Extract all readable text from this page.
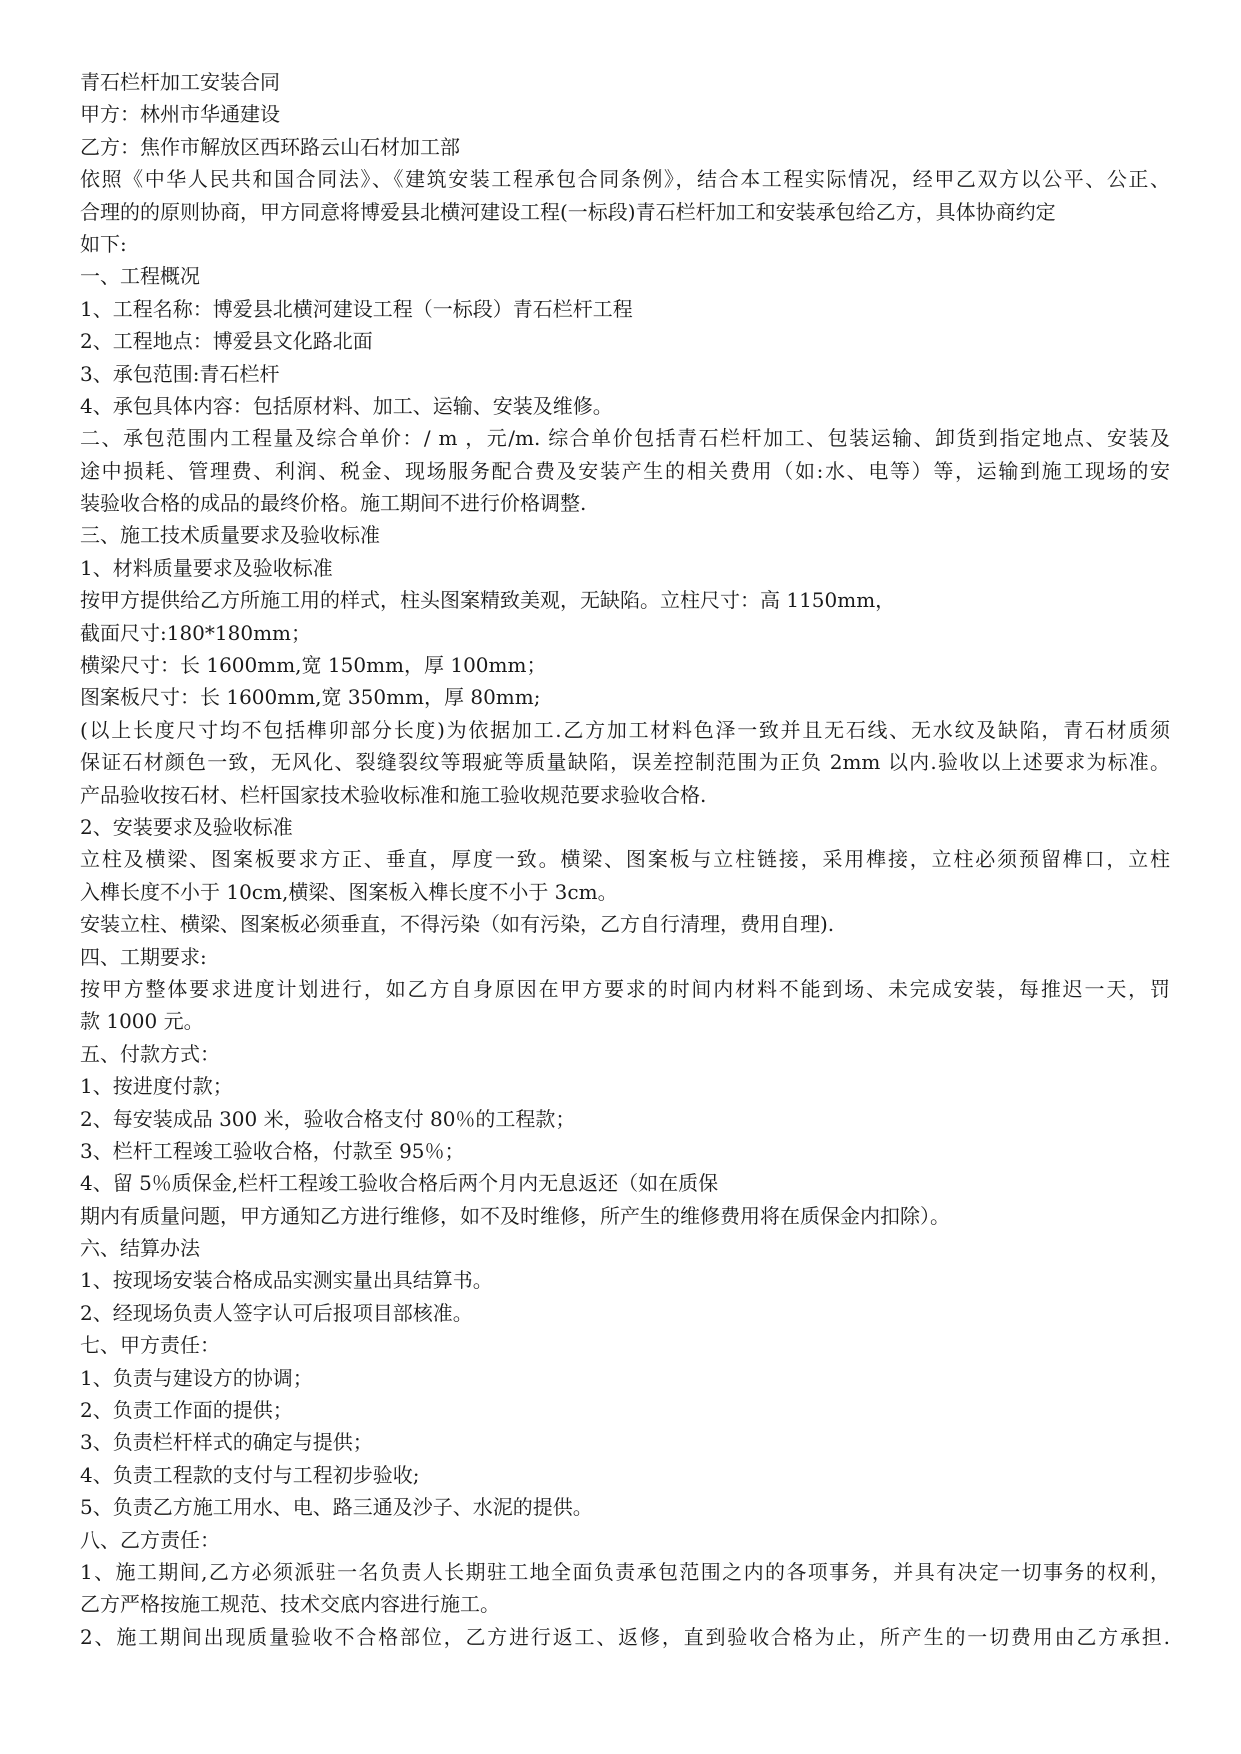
青石栏杆加工安装合同
甲方：林州市华通建设
乙方：焦作市解放区西环路云山石材加工部
依照《中华人民共和国合同法》、《建筑安装工程承包合同条例》，结合本工程实际情况，经甲乙双方以公平、公正、
合理的的原则协商，甲方同意将博爱县北横河建设工程(一标段)青石栏杆加工和安装承包给乙方，具体协商约定
如下:
一、工程概况
1、工程名称：博爱县北横河建设工程（一标段）青石栏杆工程
2、工程地点：博爱县文化路北面
3、承包范围:青石栏杆
4、承包具体内容：包括原材料、加工、运输、安装及维修。
二、承包范围内工程量及综合单价：/ m ，元/m. 综合单价包括青石栏杆加工、包装运输、卸货到指定地点、安装及
途中损耗、管理费、利润、税金、现场服务配合费及安装产生的相关费用（如:水、电等）等，运输到施工现场的安
装验收合格的成品的最终价格。施工期间不进行价格调整.
三、施工技术质量要求及验收标准
1、材料质量要求及验收标准
按甲方提供给乙方所施工用的样式，柱头图案精致美观，无缺陷。立柱尺寸：高 1150mm，
截面尺寸:180*180mm；
横梁尺寸：长 1600mm,宽 150mm，厚 100mm；
图案板尺寸：长 1600mm,宽 350mm，厚 80mm;
(以上长度尺寸均不包括榫卯部分长度)为依据加工.乙方加工材料色泽一致并且无石线、无水纹及缺陷，青石材质须
保证石材颜色一致，无风化、裂缝裂纹等瑕疵等质量缺陷，误差控制范围为正负 2mm 以内.验收以上述要求为标准。
产品验收按石材、栏杆国家技术验收标准和施工验收规范要求验收合格.
2、安装要求及验收标准
立柱及横梁、图案板要求方正、垂直，厚度一致。横梁、图案板与立柱链接，采用榫接，立柱必须预留榫口，立柱
入榫长度不小于 10cm,横梁、图案板入榫长度不小于 3cm。
安装立柱、横梁、图案板必须垂直，不得污染（如有污染，乙方自行清理，费用自理).
四、工期要求:
按甲方整体要求进度计划进行，如乙方自身原因在甲方要求的时间内材料不能到场、未完成安装，每推迟一天，罚
款 1000 元。
五、付款方式：
1、按进度付款；
2、每安装成品 300 米，验收合格支付 80％的工程款；
3、栏杆工程竣工验收合格，付款至 95％；
4、留 5％质保金,栏杆工程竣工验收合格后两个月内无息返还（如在质保
期内有质量问题，甲方通知乙方进行维修，如不及时维修，所产生的维修费用将在质保金内扣除）。
六、结算办法
1、按现场安装合格成品实测实量出具结算书。
2、经现场负责人签字认可后报项目部核准。
七、甲方责任：
1、负责与建设方的协调；
2、负责工作面的提供；
3、负责栏杆样式的确定与提供；
4、负责工程款的支付与工程初步验收;
5、负责乙方施工用水、电、路三通及沙子、水泥的提供。
八、乙方责任：
1、施工期间,乙方必须派驻一名负责人长期驻工地全面负责承包范围之内的各项事务，并具有决定一切事务的权利，
乙方严格按施工规范、技术交底内容进行施工。
2、施工期间出现质量验收不合格部位，乙方进行返工、返修，直到验收合格为止，所产生的一切费用由乙方承担.
